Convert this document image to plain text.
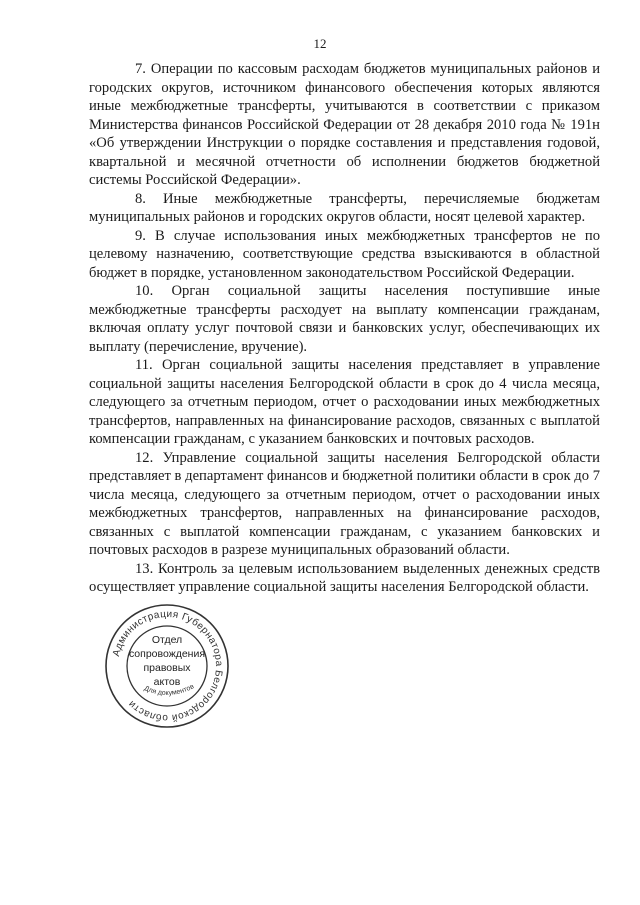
12

7. Операции по кассовым расходам бюджетов муниципальных районов и городских округов, источником финансового обеспечения которых являются иные межбюджетные трансферты, учитываются в соответствии с приказом Министерства финансов Российской Федерации от 28 декабря 2010 года № 191н «Об утверждении Инструкции о порядке составления и представления годовой, квартальной и месячной отчетности об исполнении бюджетов бюджетной системы Российской Федерации».

8. Иные межбюджетные трансферты, перечисляемые бюджетам муниципальных районов и городских округов области, носят целевой характер.

9. В случае использования иных межбюджетных трансфертов не по целевому назначению, соответствующие средства взыскиваются в областной бюджет в порядке, установленном законодательством Российской Федерации.

10. Орган социальной защиты населения поступившие иные межбюджетные трансферты расходует на выплату компенсации гражданам, включая оплату услуг почтовой связи и банковских услуг, обеспечивающих их выплату (перечисление, вручение).

11. Орган социальной защиты населения представляет в управление социальной защиты населения Белгородской области в срок до 4 числа месяца, следующего за отчетным периодом, отчет о расходовании иных межбюджетных трансфертов, направленных на финансирование расходов, связанных с выплатой компенсации гражданам, с указанием банковских и почтовых расходов.

12. Управление социальной защиты населения Белгородской области представляет в департамент финансов и бюджетной политики области в срок до 7 числа месяца, следующего за отчетным периодом, отчет о расходовании иных межбюджетных трансфертов, направленных на финансирование расходов, связанных с выплатой компенсации гражданам, с указанием банковских и почтовых расходов в разрезе муниципальных образований области.

13. Контроль за целевым использованием выделенных денежных средств осуществляет управление социальной защиты населения Белгородской области.

Администрация Губернатора Белгородской области
Для документов
Отдел
сопровождения
правовых
актов
